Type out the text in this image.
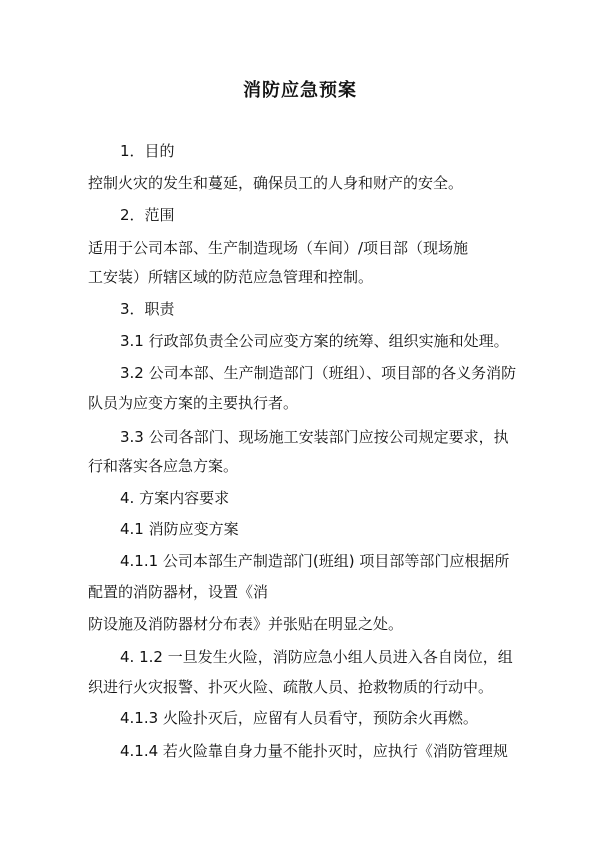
消防应急预案
1．目的
控制火灾的发生和蔓延，确保员工的人身和财产的安全。
2．范围
适用于公司本部、生产制造现场（车间）/项目部（现场施
工安装）所辖区域的防范应急管理和控制。
3．职责
3.1 行政部负责全公司应变方案的统筹、组织实施和处理。
3.2 公司本部、生产制造部门（班组）、项目部的各义务消防
队员为应变方案的主要执行者。
3.3 公司各部门、现场施工安装部门应按公司规定要求，执
行和落实各应急方案。
4. 方案内容要求
4.1 消防应变方案
4.1.1 公司本部生产制造部门(班组) 项目部等部门应根据所
配置的消防器材，设置《消
防设施及消防器材分布表》并张贴在明显之处。
4. 1.2 一旦发生火险，消防应急小组人员进入各自岗位，组
织进行火灾报警、扑灭火险、疏散人员、抢救物质的行动中。
4.1.3 火险扑灭后，应留有人员看守，预防余火再燃。
4.1.4 若火险靠自身力量不能扑灭时，应执行《消防管理规
